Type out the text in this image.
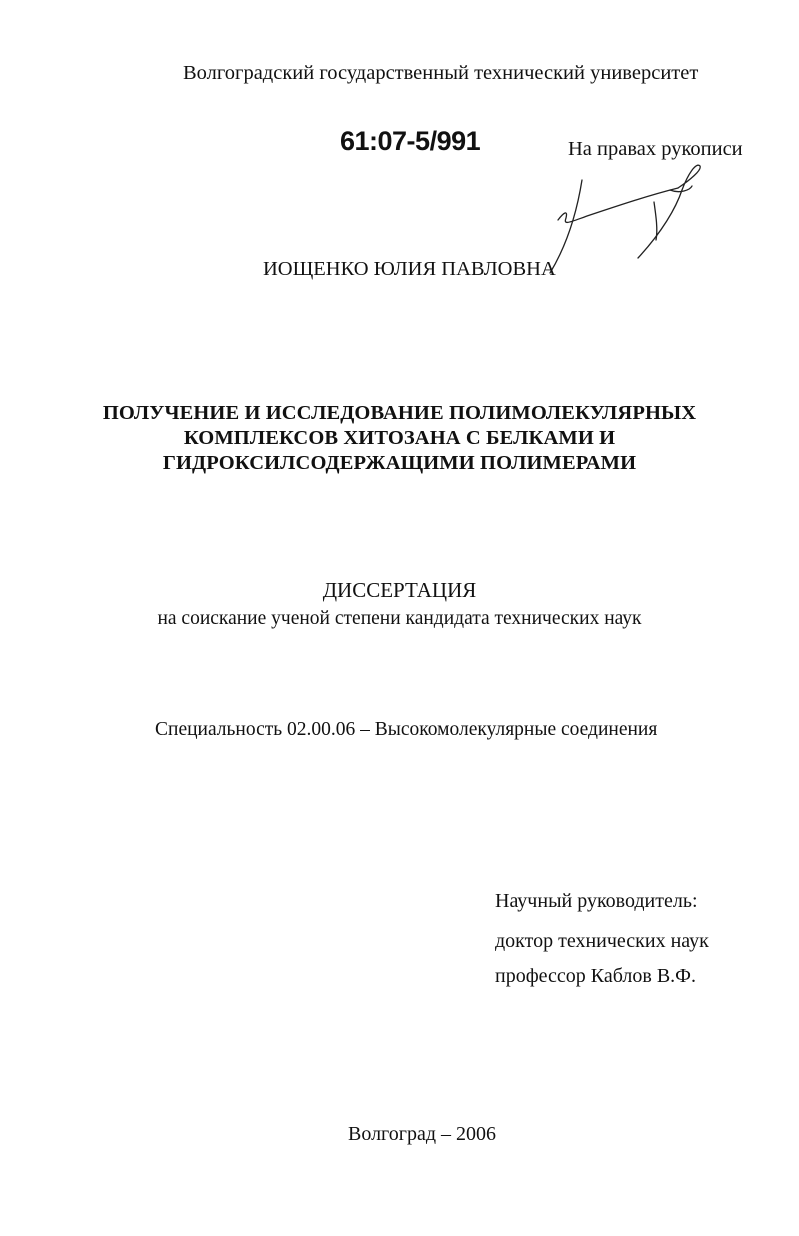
Волгоградский государственный технический университет
61:07-5/991	На правах рукописи
ИОЩЕНКО ЮЛИЯ ПАВЛОВНА
ПОЛУЧЕНИЕ И ИССЛЕДОВАНИЕ ПОЛИМОЛЕКУЛЯРНЫХ
КОМПЛЕКСОВ ХИТОЗАНА С БЕЛКАМИ И
ГИДРОКСИЛСОДЕРЖАЩИМИ ПОЛИМЕРАМИ
ДИССЕРТАЦИЯ
на соискание ученой степени кандидата технических наук
Специальность 02.00.06 – Высокомолекулярные соединения
Научный руководитель:
доктор технических наук
профессор Каблов В.Ф.
Волгоград – 2006
